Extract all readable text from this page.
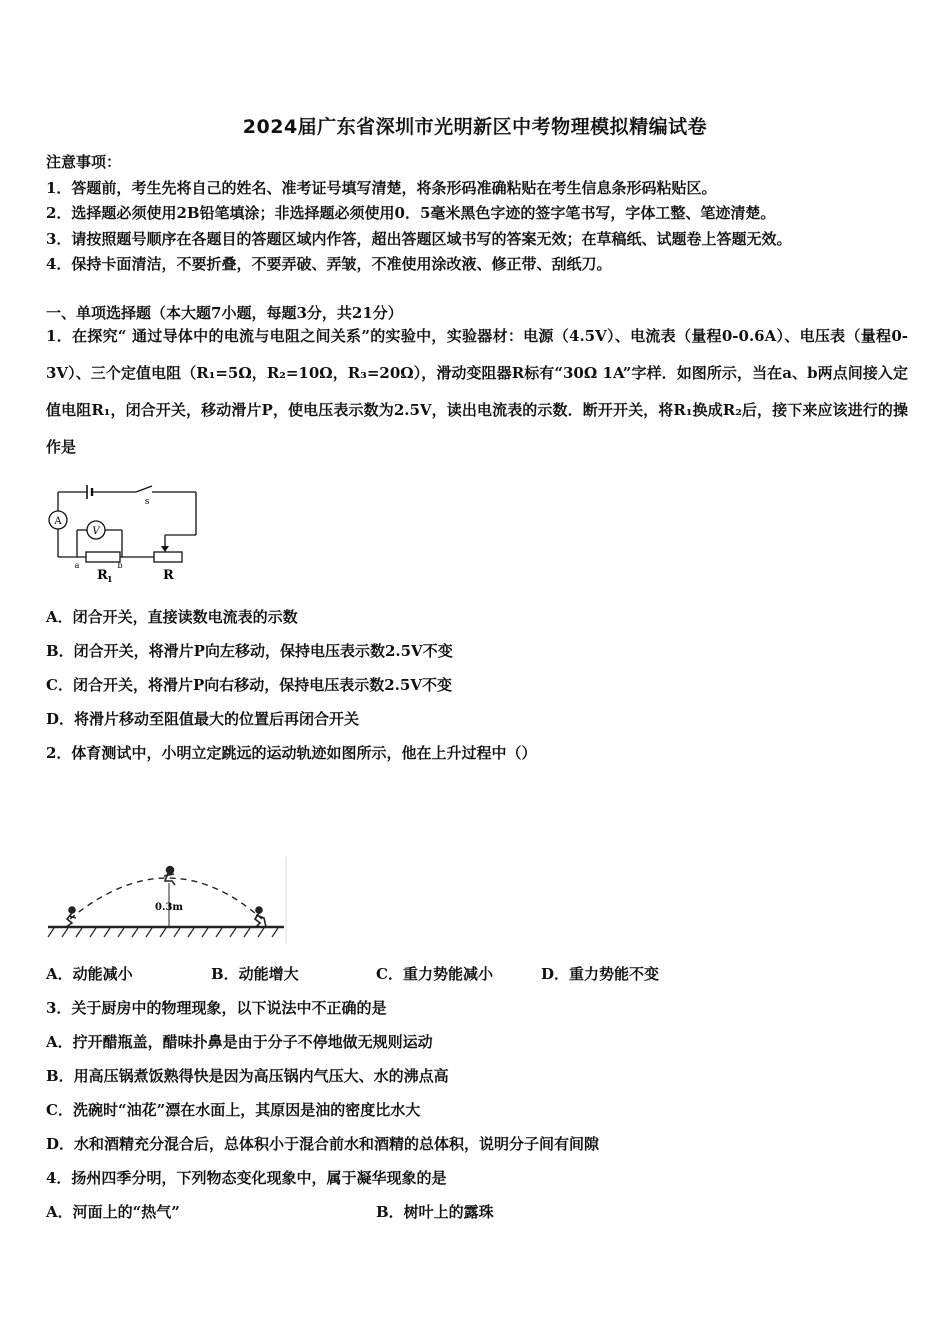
2024届广东省深圳市光明新区中考物理模拟精编试卷
注意事项：
1．答题前，考生先将自己的姓名、准考证号填写清楚，将条形码准确粘贴在考生信息条形码粘贴区。
2．选择题必须使用2B铅笔填涂；非选择题必须使用0．5毫米黑色字迹的签字笔书写，字体工整、笔迹清楚。
3．请按照题号顺序在各题目的答题区域内作答，超出答题区域书写的答案无效；在草稿纸、试题卷上答题无效。
4．保持卡面清洁，不要折叠，不要弄破、弄皱，不准使用涂改液、修正带、刮纸刀。
一、单项选择题（本大题7小题，每题3分，共21分）
1．在探究“ 通过导体中的电流与电阻之间关系”的实验中，实验器材：电源（4.5V）、电流表（量程0-0.6A）、电压表（量程0-3V）、三个定值电阻（R₁=5Ω，R₂=10Ω，R₃=20Ω），滑动变阻器R标有“30Ω 1A”字样．如图所示，当在a、b两点间接入定值电阻R₁，闭合开关，移动滑片P，使电压表示数为2.5V，读出电流表的示数．断开开关，将R₁换成R₂后，接下来应该进行的操作是
A
V
s
a	b
R 1	R
A．闭合开关，直接读数电流表的示数
B．闭合开关，将滑片P向左移动，保持电压表示数2.5V不变
C．闭合开关，将滑片P向右移动，保持电压表示数2.5V不变
D．将滑片移动至阻值最大的位置后再闭合开关
2．体育测试中，小明立定跳远的运动轨迹如图所示，他在上升过程中（）
0.3m
A．动能减小	B．动能增大	C．重力势能减小	D．重力势能不变
3．关于厨房中的物理现象，以下说法中不正确的是
A．拧开醋瓶盖，醋味扑鼻是由于分子不停地做无规则运动
B．用高压锅煮饭熟得快是因为高压锅内气压大、水的沸点高
C．洗碗时“油花”漂在水面上，其原因是油的密度比水大
D．水和酒精充分混合后，总体积小于混合前水和酒精的总体积，说明分子间有间隙
4．扬州四季分明，下列物态变化现象中，属于凝华现象的是
A．河面上的“热气”	B．树叶上的露珠
